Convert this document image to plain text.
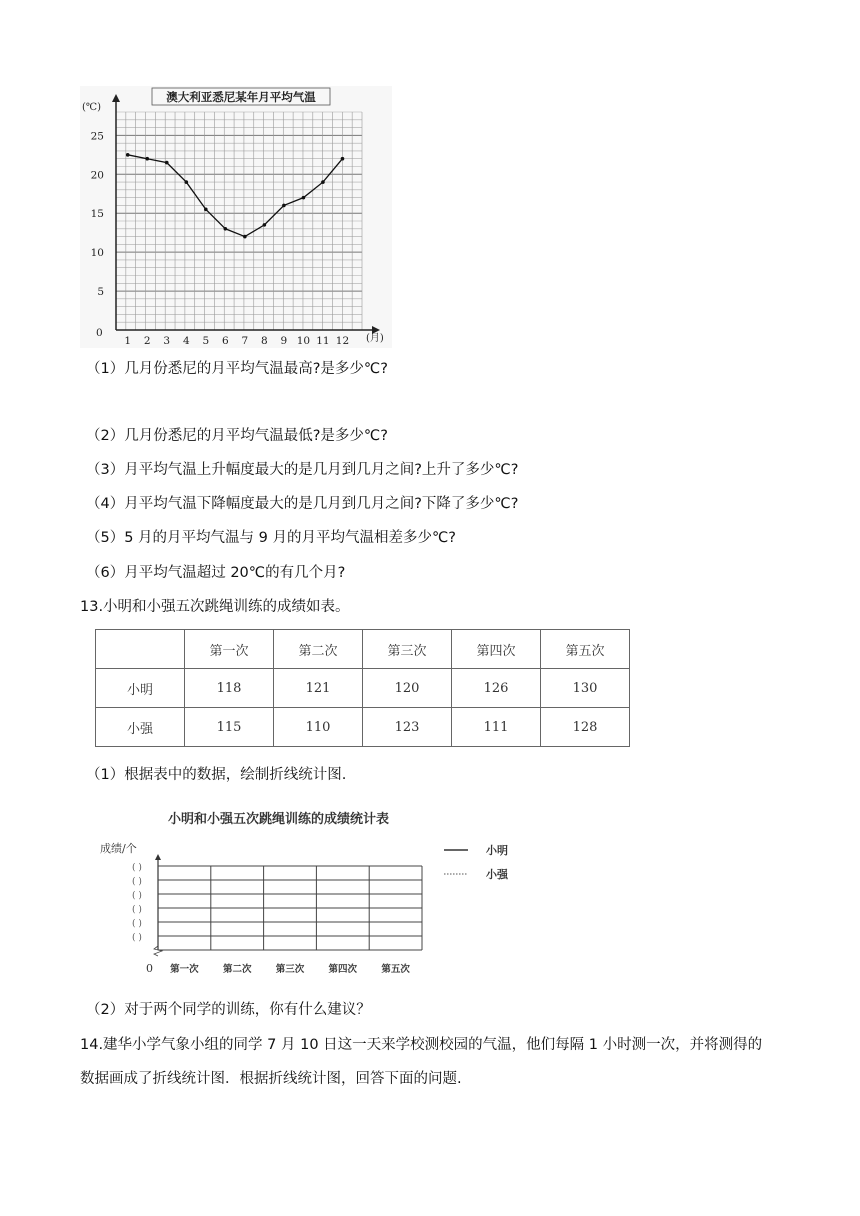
5
10
15
20
25
1 2 3 4 5 6 7 8 9 10 11 12
澳大利亚悉尼某年月平均气温
(℃)
(月)
0
（1）几月份悉尼的月平均气温最高?是多少℃?
（2）几月份悉尼的月平均气温最低?是多少℃?
（3）月平均气温上升幅度最大的是几月到几月之间?上升了多少℃?
（4）月平均气温下降幅度最大的是几月到几月之间?下降了多少℃?
（5）5 月的月平均气温与 9 月的月平均气温相差多少℃?
（6）月平均气温超过 20℃的有几个月?
13.小明和小强五次跳绳训练的成绩如表。
	第一次	第二次	第三次	第四次	第五次
小明	118	121	120	126	130
小强	115	110	123	111	128
（1）根据表中的数据，绘制折线统计图.
小明和小强五次跳绳训练的成绩统计表
成绩/个
( )
( )
( )
( )
( )
( )
第一次	第二次	第三次	第四次	第五次
小明
小强
0
（2）对于两个同学的训练，你有什么建议？
14.建华小学气象小组的同学 7 月 10 日这一天来学校测校园的气温，他们每隔 1 小时测一次，并将测得的
数据画成了折线统计图．根据折线统计图，回答下面的问题.
